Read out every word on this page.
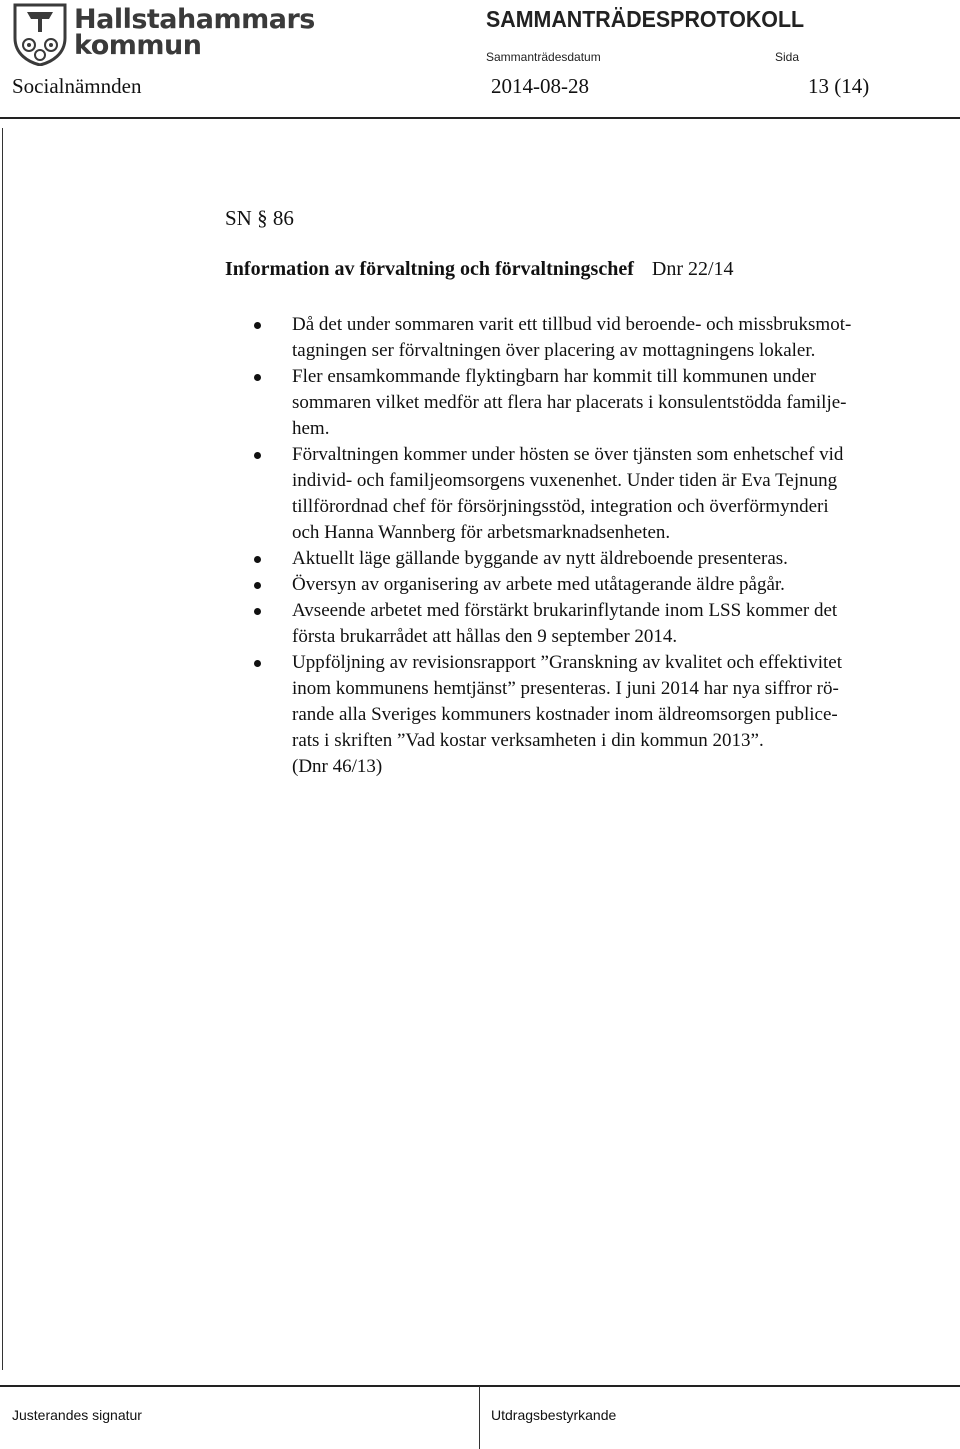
Hallstahammars
kommun
SAMMANTRÄDESPROTOKOLL
Sammanträdesdatum	Sida
Socialnämnden	2014-08-28	13 (14)
SN § 86
Information av förvaltning och förvaltningschef Dnr 22/14
Då det under sommaren varit ett tillbud vid beroende- och missbruksmot-
tagningen ser förvaltningen över placering av mottagningens lokaler.
Fler ensamkommande flyktingbarn har kommit till kommunen under
sommaren vilket medför att flera har placerats i konsulentstödda familje-
hem.
Förvaltningen kommer under hösten se över tjänsten som enhetschef vid
individ- och familjeomsorgens vuxenenhet. Under tiden är Eva Tejnung
tillförordnad chef för försörjningsstöd, integration och överförmynderi
och Hanna Wannberg för arbetsmarknadsenheten.
Aktuellt läge gällande byggande av nytt äldreboende presenteras.
Översyn av organisering av arbete med utåtagerande äldre pågår.
Avseende arbetet med förstärkt brukarinflytande inom LSS kommer det
första brukarrådet att hållas den 9 september 2014.
Uppföljning av revisionsrapport ”Granskning av kvalitet och effektivitet
inom kommunens hemtjänst” presenteras. I juni 2014 har nya siffror rö-
rande alla Sveriges kommuners kostnader inom äldreomsorgen publice-
rats i skriften ”Vad kostar verksamheten i din kommun 2013”.
(Dnr 46/13)
Justerandes signatur	Utdragsbestyrkande
